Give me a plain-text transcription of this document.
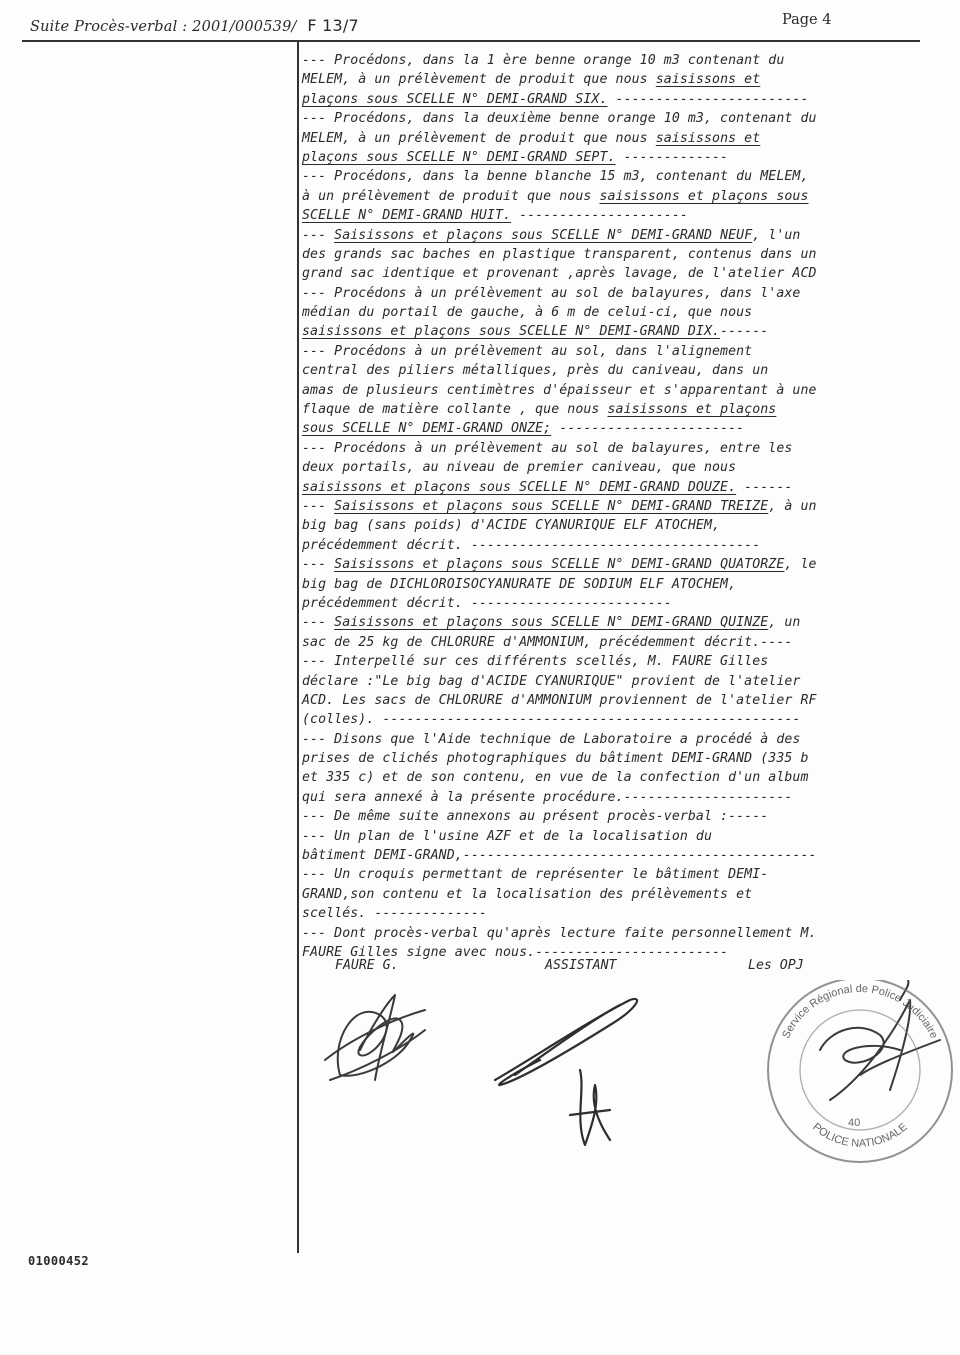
Suite Procès-verbal : 2001/000539/ F 13/7	Page 4
--- Procédons, dans la 1 ère benne orange 10 m3 contenant du
MELEM, à un prélèvement de produit que nous saisissons et
plaçons sous SCELLE N° DEMI-GRAND SIX. ------------------------
--- Procédons, dans la deuxième benne orange 10 m3, contenant du
MELEM, à un prélèvement de produit que nous saisissons et
plaçons sous SCELLE N° DEMI-GRAND SEPT. -------------
--- Procédons, dans la benne blanche 15 m3, contenant du MELEM,
à un prélèvement de produit que nous saisissons et plaçons sous
SCELLE N° DEMI-GRAND HUIT. ---------------------
--- Saisissons et plaçons sous SCELLE N° DEMI-GRAND NEUF, l'un
des grands sac baches en plastique transparent, contenus dans un
grand sac identique et provenant ,après lavage, de l'atelier ACD
--- Procédons à un prélèvement au sol de balayures, dans l'axe
médian du portail de gauche, à 6 m de celui-ci, que nous
saisissons et plaçons sous SCELLE N° DEMI-GRAND DIX.------
--- Procédons à un prélèvement au sol, dans l'alignement
central des piliers métalliques, près du caniveau, dans un
amas de plusieurs centimètres d'épaisseur et s'apparentant à une
flaque de matière collante , que nous saisissons et plaçons
sous SCELLE N° DEMI-GRAND ONZE; -----------------------
--- Procédons à un prélèvement au sol de balayures, entre les
deux portails, au niveau de premier caniveau, que nous
saisissons et plaçons sous SCELLE N° DEMI-GRAND DOUZE. ------
--- Saisissons et plaçons sous SCELLE N° DEMI-GRAND TREIZE, à un
big bag (sans poids) d'ACIDE CYANURIQUE ELF ATOCHEM,
précédemment décrit. ------------------------------------
--- Saisissons et plaçons sous SCELLE N° DEMI-GRAND QUATORZE, le
big bag de DICHLOROISOCYANURATE DE SODIUM ELF ATOCHEM,
précédemment décrit. -------------------------
--- Saisissons et plaçons sous SCELLE N° DEMI-GRAND QUINZE, un
sac de 25 kg de CHLORURE d'AMMONIUM, précédemment décrit.----
--- Interpellé sur ces différents scellés, M. FAURE Gilles
déclare :"Le big bag d'ACIDE CYANURIQUE" provient de l'atelier
ACD. Les sacs de CHLORURE d'AMMONIUM proviennent de l'atelier RF
(colles). ----------------------------------------------------
--- Disons que l'Aide technique de Laboratoire a procédé à des
prises de clichés photographiques du bâtiment DEMI-GRAND (335 b
et 335 c) et de son contenu, en vue de la confection d'un album
qui sera annexé à la présente procédure.---------------------
--- De même suite annexons au présent procès-verbal :-----
--- Un plan de l'usine AZF et de la localisation du
bâtiment DEMI-GRAND,--------------------------------------------
--- Un croquis permettant de représenter le bâtiment DEMI-
GRAND,son contenu et la localisation des prélèvements et
scellés. --------------
--- Dont procès-verbal qu'après lecture faite personnellement M.
FAURE Gilles signe avec nous.------------------------
FAURE G.	ASSISTANT	Les OPJ
Service Régional de Police Judiciaire
POLICE NATIONALE
40
01000452
